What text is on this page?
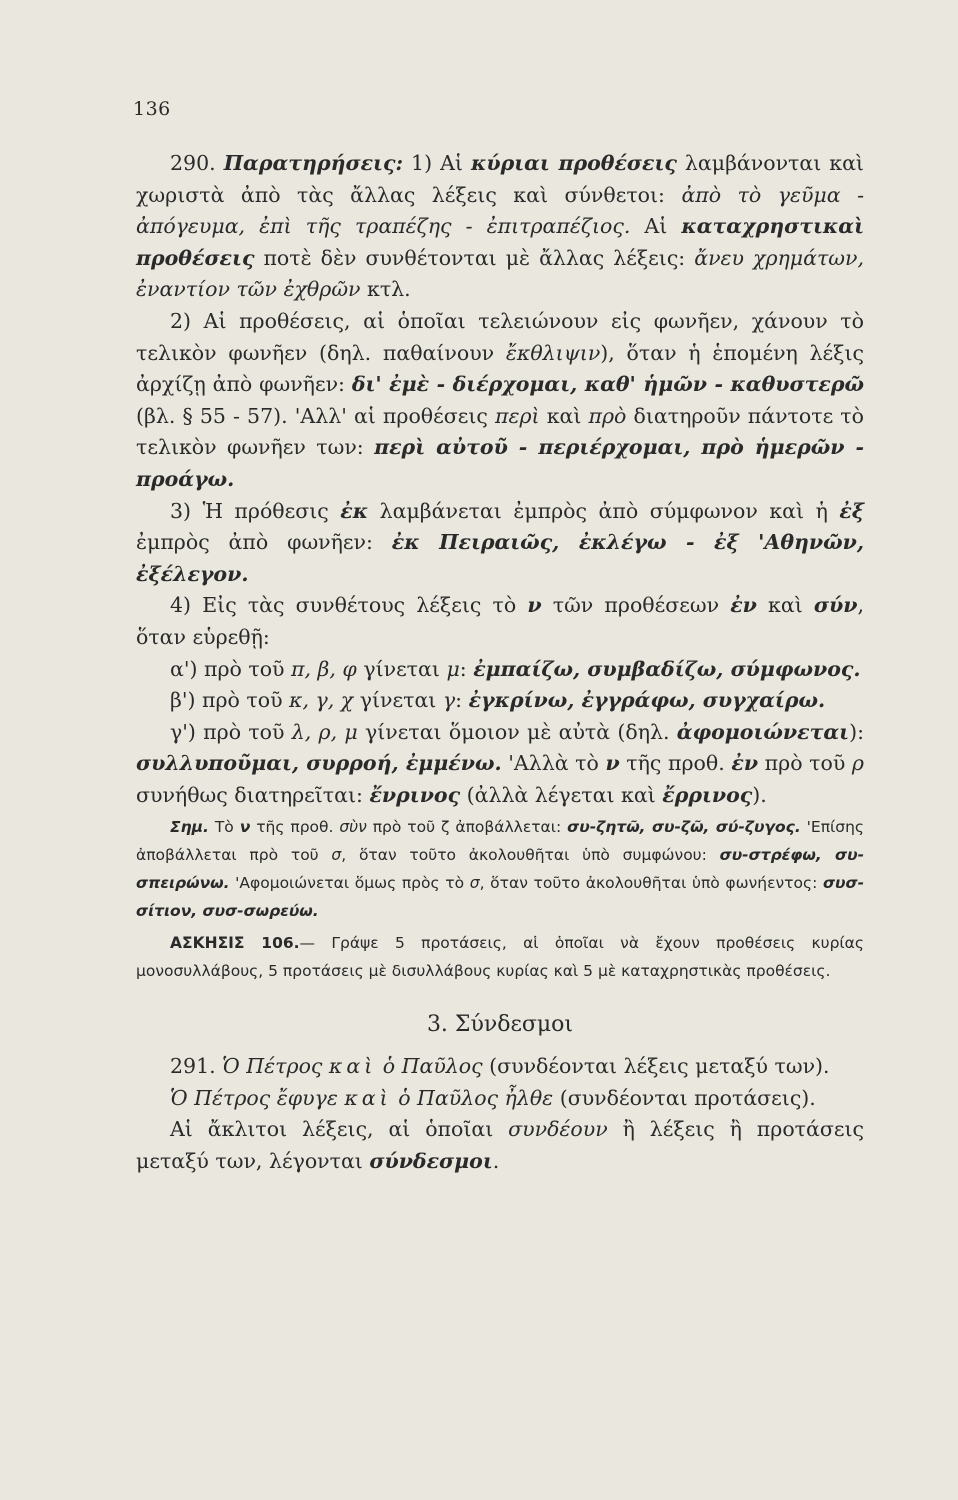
136

290. Παρατηρήσεις: 1) Αἱ κύριαι προθέσεις λαμβάνονται καὶ χωριστὰ ἀπὸ τὰς ἄλλας λέξεις καὶ σύνθετοι: ἀπὸ τὸ γεῦμα - ἀπόγευμα, ἐπὶ τῆς τραπέζης - ἐπιτραπέζιος. Αἱ καταχρηστικαὶ προθέσεις ποτὲ δὲν συνθέτονται μὲ ἄλλας λέξεις: ἄνευ χρημάτων, ἐναντίον τῶν ἐχθρῶν κτλ.

2) Αἱ προθέσεις, αἱ ὁποῖαι τελειώνουν εἰς φωνῆεν, χάνουν τὸ τελικὸν φωνῆεν (δηλ. παθαίνουν ἔκθλιψιν), ὅταν ἡ ἑπομένη λέξις ἀρχίζῃ ἀπὸ φωνῆεν: δι' ἐμὲ - διέρχομαι, καθ' ἡμῶν - καθυστερῶ (βλ. § 55 - 57). 'Αλλ' αἱ προθέσεις περὶ καὶ πρὸ διατηροῦν πάντοτε τὸ τελικὸν φωνῆεν των: περὶ αὐτοῦ - περιέρχομαι, πρὸ ἡμερῶν - προάγω.

3) Ἡ πρόθεσις ἐκ λαμβάνεται ἐμπρὸς ἀπὸ σύμφωνον καὶ ἡ ἐξ ἐμπρὸς ἀπὸ φωνῆεν: ἐκ Πειραιῶς, ἐκλέγω - ἐξ 'Αθηνῶν, ἐξέλεγον.

4) Εἰς τὰς συνθέτους λέξεις τὸ ν τῶν προθέσεων ἐν καὶ σύν, ὅταν εὑρεθῇ:

α') πρὸ τοῦ π, β, φ γίνεται μ: ἐμπαίζω, συμβαδίζω, σύμφωνος.

β') πρὸ τοῦ κ, γ, χ γίνεται γ: ἐγκρίνω, ἐγγράφω, συγχαίρω.

γ') πρὸ τοῦ λ, ρ, μ γίνεται ὅμοιον μὲ αὐτὰ (δηλ. ἀφομοιώνεται): συλλυποῦμαι, συρροή, ἐμμένω. 'Αλλὰ τὸ ν τῆς προθ. ἐν πρὸ τοῦ ρ συνήθως διατηρεῖται: ἔνρινος (ἀλλὰ λέγεται καὶ ἔρρινος).

Σημ. Τὸ ν τῆς προθ. σὺν πρὸ τοῦ ζ ἀποβάλλεται: συ-ζητῶ, συ-ζῶ, σύ-ζυγος. 'Επίσης ἀποβάλλεται πρὸ τοῦ σ, ὅταν τοῦτο ἀκολουθῆται ὑπὸ συμφώνου: συ-στρέφω, συ-σπειρώνω. 'Αφομοιώνεται ὅμως πρὸς τὸ σ, ὅταν τοῦτο ἀκολουθῆται ὑπὸ φωνήεντος: συσ-σίτιον, συσ-σωρεύω.

ΑΣΚΗΣΙΣ 106.— Γράψε 5 προτάσεις, αἱ ὁποῖαι νὰ ἔχουν προθέσεις κυρίας μονοσυλλάβους, 5 προτάσεις μὲ δισυλλάβους κυρίας καὶ 5 μὲ καταχρηστικὰς προθέσεις.

3. Σύνδεσμοι

291. Ὁ Πέτρος καὶ ὁ Παῦλος (συνδέονται λέξεις μεταξύ των).

Ὁ Πέτρος ἔφυγε καὶ ὁ Παῦλος ἦλθε (συνδέονται προτάσεις).

Αἱ ἄκλιτοι λέξεις, αἱ ὁποῖαι συνδέουν ἢ λέξεις ἢ προτάσεις μεταξύ των, λέγονται σύνδεσμοι.
